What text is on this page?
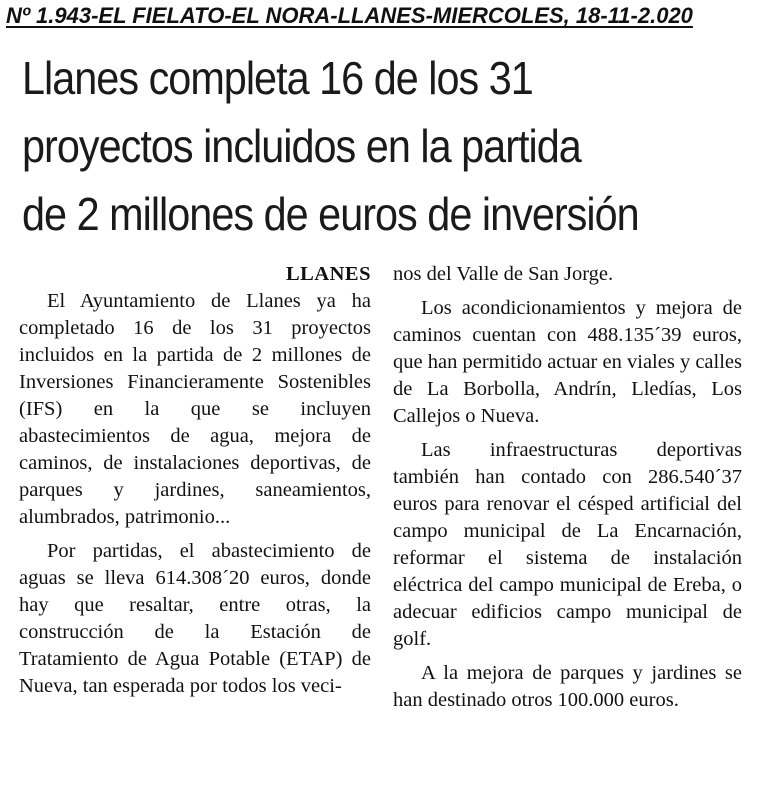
Nº 1.943-EL FIELATO-EL NORA-LLANES-MIERCOLES, 18-11-2.020
Llanes completa 16 de los 31
proyectos incluidos en la partida
de 2 millones de euros de inversión
LLANES

El Ayuntamiento de Llanes ya ha completado 16 de los 31 proyectos incluidos en la partida de 2 millones de Inversiones Financieramente Sostenibles (IFS) en la que se incluyen abastecimientos de agua, mejora de caminos, de instalaciones deportivas, de parques y jardines, saneamientos, alumbrados, patrimonio...

Por partidas, el abastecimiento de aguas se lleva 614.308´20 euros, donde hay que resaltar, entre otras, la construcción de la Estación de Tratamiento de Agua Potable (ETAP) de Nueva, tan esperada por todos los veci-

nos del Valle de San Jorge.

Los acondicionamientos y mejora de caminos cuentan con 488.135´39 euros, que han permitido actuar en viales y calles de La Borbolla, Andrín, Lledías, Los Callejos o Nueva.

Las infraestructuras deportivas también han contado con 286.540´37 euros para renovar el césped artificial del campo municipal de La Encarnación, reformar el sistema de instalación eléctrica del campo municipal de Ereba, o adecuar edificios campo municipal de golf.

A la mejora de parques y jardines se han destinado otros 100.000 euros.
